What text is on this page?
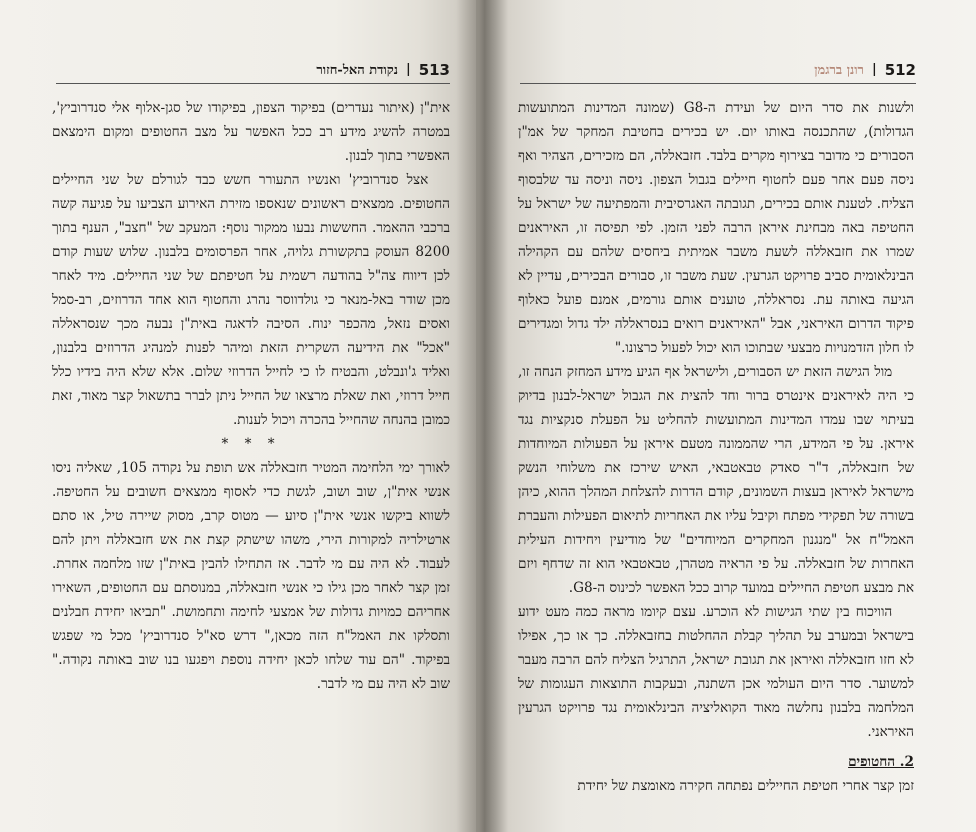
513
|
נקודת האל-חזור

אית"ן (איתור נעדרים) בפיקוד הצפון, בפיקודו של סגן-אלוף אלי סנדרוביץ', במטרה להשיג מידע רב ככל האפשר על מצב החטופים ומקום הימצאם האפשרי בתוך לבנון.

אצל סנדרוביץ' ואנשיו התעורר חשש כבד לגורלם של שני החיילים החטופים. ממצאים ראשונים שנאספו מזירת האירוע הצביעו על פגיעה קשה ברכבי ההאמר. החששות נבעו ממקור נוסף: המעקב של "חצב", הענף בתוך 8200 העוסק בתקשורת גלויה, אחר הפרסומים בלבנון. שלוש שעות קודם לכן דיווח צה"ל בהודעה רשמית על חטיפתם של שני החיילים. מיד לאחר מכן שודר באל-מנאר כי גולדווסר נהרג והחטוף הוא אחד הדרוזים, רב-סמל ואסים נזאל, מהכפר ינוח. הסיבה לדאגה באית"ן נבעה מכך שנסראללה "אכל" את הידיעה השקרית הזאת ומיהר לפנות למנהיג הדרוזים בלבנון, ואליד ג'ונבלט, והבטיח לו כי לחייל הדרוזי שלום. אלא שלא היה בידיו כלל חייל דרוזי, ואת שאלת מרצאו של החייל ניתן לברר בתשאול קצר מאוד, זאת כמובן בהנחה שהחייל בהכרה ויכול לענות.

* * *

לאורך ימי הלחימה המטיר חזבאללה אש תופת על נקודה 105, שאליה ניסו אנשי אית"ן, שוב ושוב, לגשת כדי לאסוף ממצאים חשובים על החטיפה. לשווא ביקשו אנשי אית"ן סיוע — מטוס קרב, מסוק שיירה טיל, או סתם ארטילריה למקורות הירי, משהו שישתק קצת את אש חזבאללה ויתן להם לעבוד. לא היה עם מי לדבר. אז התחילו להבין באית"ן שזו מלחמה אחרת. זמן קצר לאחר מכן גילו כי אנשי חזבאללה, במנוסתם עם החטופים, השאירו אחריהם כמויות גדולות של אמצעי לחימה ותחמושת. "תביאו יחידת חבלנים ותסלקו את האמל"ח הזה מכאן," דרש סא"ל סנדרוביץ' מכל מי שפגש בפיקוד. "הם עוד שלחו לכאן יחידה נוספת ויפגעו בנו שוב באותה נקודה." שוב לא היה עם מי לדבר.

512
|
רונן ברגמן

ולשנות את סדר היום של ועידת ה-G8 (שמונה המדינות המתועשות הגדולות), שהתכנסה באותו יום. יש בכירים בחטיבת המחקר של אמ"ן הסבורים כי מדובר בצירוף מקרים בלבד. חזבאללה, הם מזכירים, הצהיר ואף ניסה פעם אחר פעם לחטוף חיילים בגבול הצפון. ניסה וניסה עד שלבסוף הצליח. לטענת אותם בכירים, תגובתה האגרסיבית והמפתיעה של ישראל על החטיפה באה מבחינת איראן הרבה לפני הזמן. לפי תפיסה זו, האיראנים שמרו את חזבאללה לשעת משבר אמיתית ביחסים שלהם עם הקהילה הבינלאומית סביב פרויקט הגרעין. שעת משבר זו, סבורים הבכירים, עדיין לא הגיעה באותה עת. נסראללה, טוענים אותם גורמים, אמנם פועל כאלוף פיקוד הדרום האיראני, אבל "האיראנים רואים בנסראללה ילד גדול ומגדירים לו חלון הזדמנויות מבצעי שבתוכו הוא יכול לפעול כרצונו."

מול הגישה הזאת יש הסבורים, ולישראל אף הגיע מידע המחזק הנחה זו, כי היה לאיראנים אינטרס ברור וחד להצית את הגבול ישראל-לבנון בדיוק בעיתוי שבו עמדו המדינות המתועשות להחליט על הפעלת סנקציות נגד איראן. על פי המידע, הרי שהממונה מטעם איראן על הפעולות המיוחדות של חזבאללה, ד"ר סאדק טבאטבאי, האיש שירכז את משלוחי הנשק מישראל לאיראן בעצות השמונים, קודם הדרות להצלחת המהלך ההוא, כיהן בשורה של תפקידי מפתח וקיבל עליו את האחריות לתיאום הפעילות והעברת האמל"ח אל "מנגנון המחקרים המיוחדים" של מודיעין ויחידות העילית האחרות של חזבאללה. על פי הראיה מטהרן, טבאטבאי הוא זה שדחף ויזם את מבצע חטיפת החיילים במועד קרוב ככל האפשר לכינוס ה-G8.

הוויכוח בין שתי הגישות לא הוכרע. עצם קיומו מראה כמה מעט ידוע בישראל ובמערב על תהליך קבלת ההחלטות בחזבאללה. כך או כך, אפילו לא חזו חזבאללה ואיראן את תגובת ישראל, התרגיל הצליח להם הרבה מעבר למשוער. סדר היום העולמי אכן השתנה, ובעקבות התוצאות העגומות של המלחמה בלבנון נחלשה מאוד הקואליציה הבינלאומית נגד פרויקט הגרעין האיראני.

2. החטופים

זמן קצר אחרי חטיפת החיילים נפתחה חקירה מאומצת של יחידת
